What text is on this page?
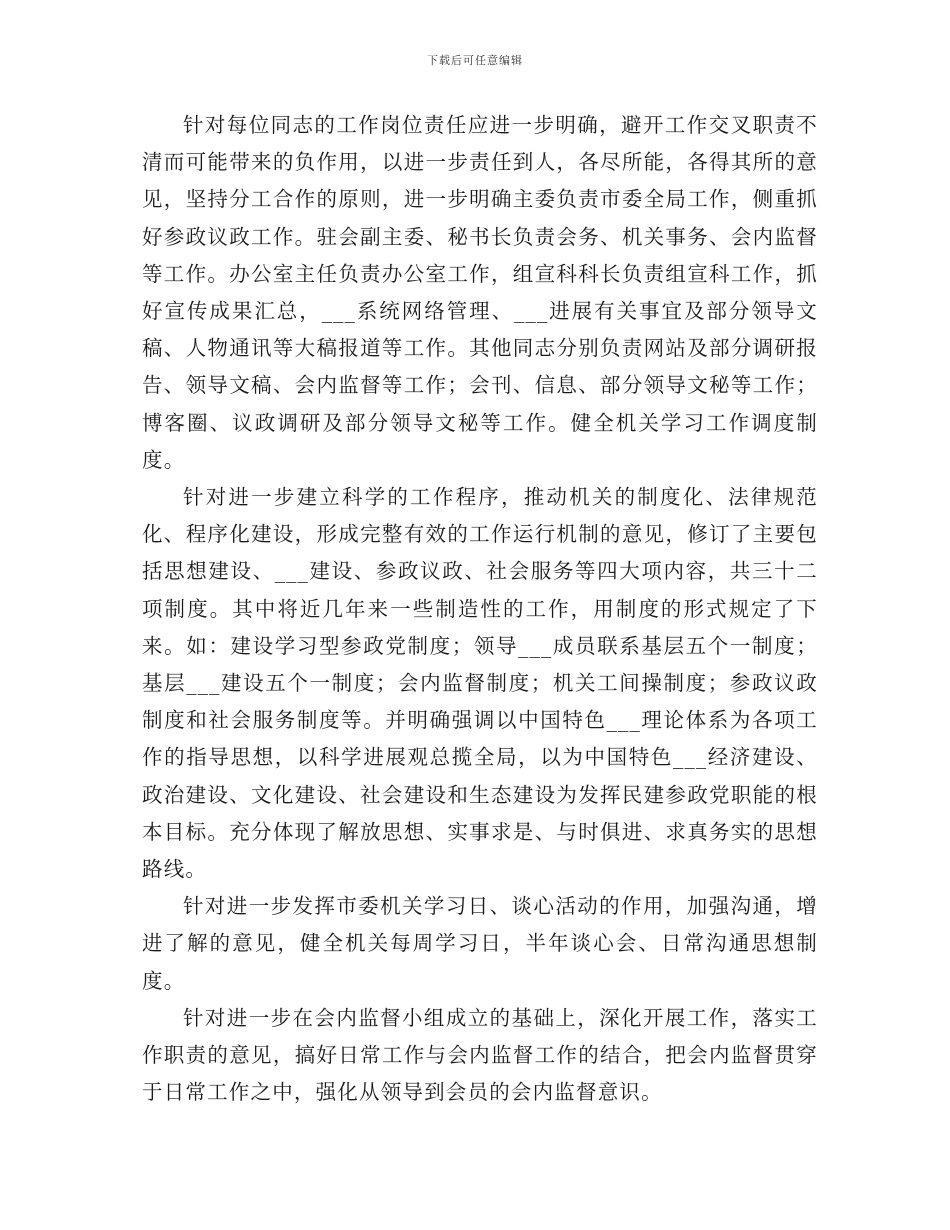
下载后可任意编辑

针对每位同志的工作岗位责任应进一步明确，避开工作交叉职责不清而可能带来的负作用，以进一步责任到人，各尽所能，各得其所的意见，坚持分工合作的原则，进一步明确主委负责市委全局工作，侧重抓好参政议政工作。驻会副主委、秘书长负责会务、机关事务、会内监督等工作。办公室主任负责办公室工作，组宣科科长负责组宣科工作，抓好宣传成果汇总，___系统网络管理、___进展有关事宜及部分领导文稿、人物通讯等大稿报道等工作。其他同志分别负责网站及部分调研报告、领导文稿、会内监督等工作；会刊、信息、部分领导文秘等工作；博客圈、议政调研及部分领导文秘等工作。健全机关学习工作调度制度。

针对进一步建立科学的工作程序，推动机关的制度化、法律规范化、程序化建设，形成完整有效的工作运行机制的意见，修订了主要包括思想建设、___建设、参政议政、社会服务等四大项内容，共三十二项制度。其中将近几年来一些制造性的工作，用制度的形式规定了下来。如：建设学习型参政党制度；领导___成员联系基层五个一制度；基层___建设五个一制度；会内监督制度；机关工间操制度；参政议政制度和社会服务制度等。并明确强调以中国特色___理论体系为各项工作的指导思想，以科学进展观总揽全局，以为中国特色___经济建设、政治建设、文化建设、社会建设和生态建设为发挥民建参政党职能的根本目标。充分体现了解放思想、实事求是、与时俱进、求真务实的思想路线。

针对进一步发挥市委机关学习日、谈心活动的作用，加强沟通，增进了解的意见，健全机关每周学习日，半年谈心会、日常沟通思想制度。

针对进一步在会内监督小组成立的基础上，深化开展工作，落实工作职责的意见，搞好日常工作与会内监督工作的结合，把会内监督贯穿于日常工作之中，强化从领导到会员的会内监督意识。
